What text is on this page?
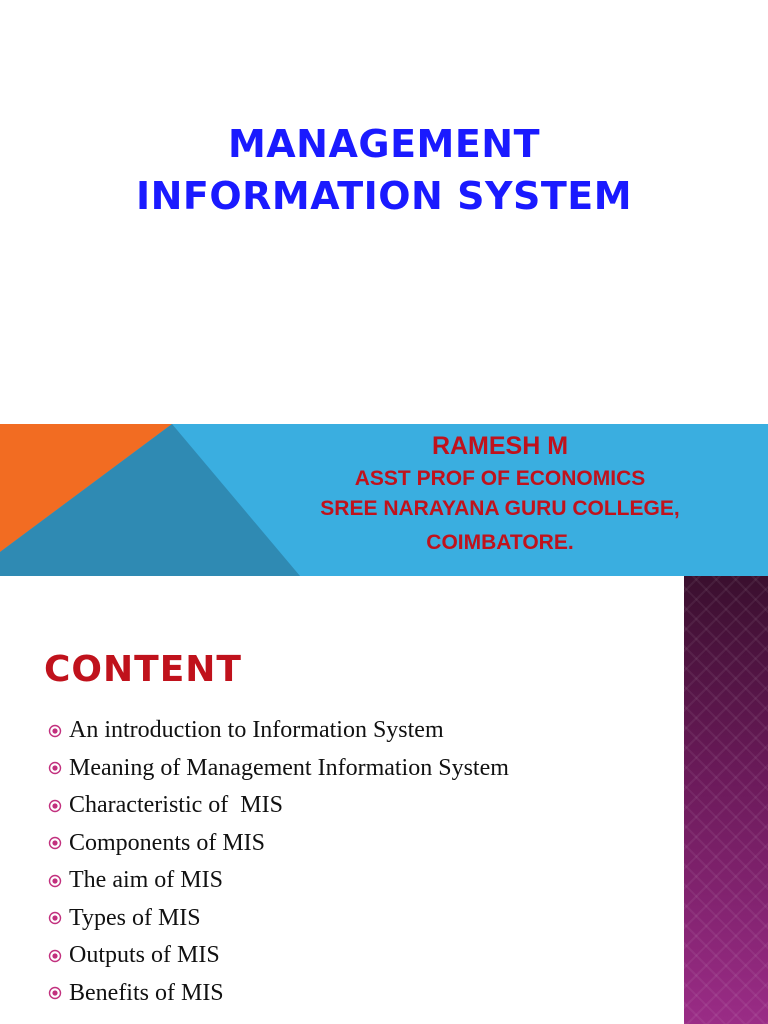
MANAGEMENT
INFORMATION SYSTEM
RAMESH M
ASST PROF OF ECONOMICS
SREE NARAYANA GURU COLLEGE,
COIMBATORE.
CONTENT
An introduction to Information System
Meaning of Management Information System
Characteristic of  MIS
Components of MIS
The aim of MIS
Types of MIS
Outputs of MIS
Benefits of MIS
